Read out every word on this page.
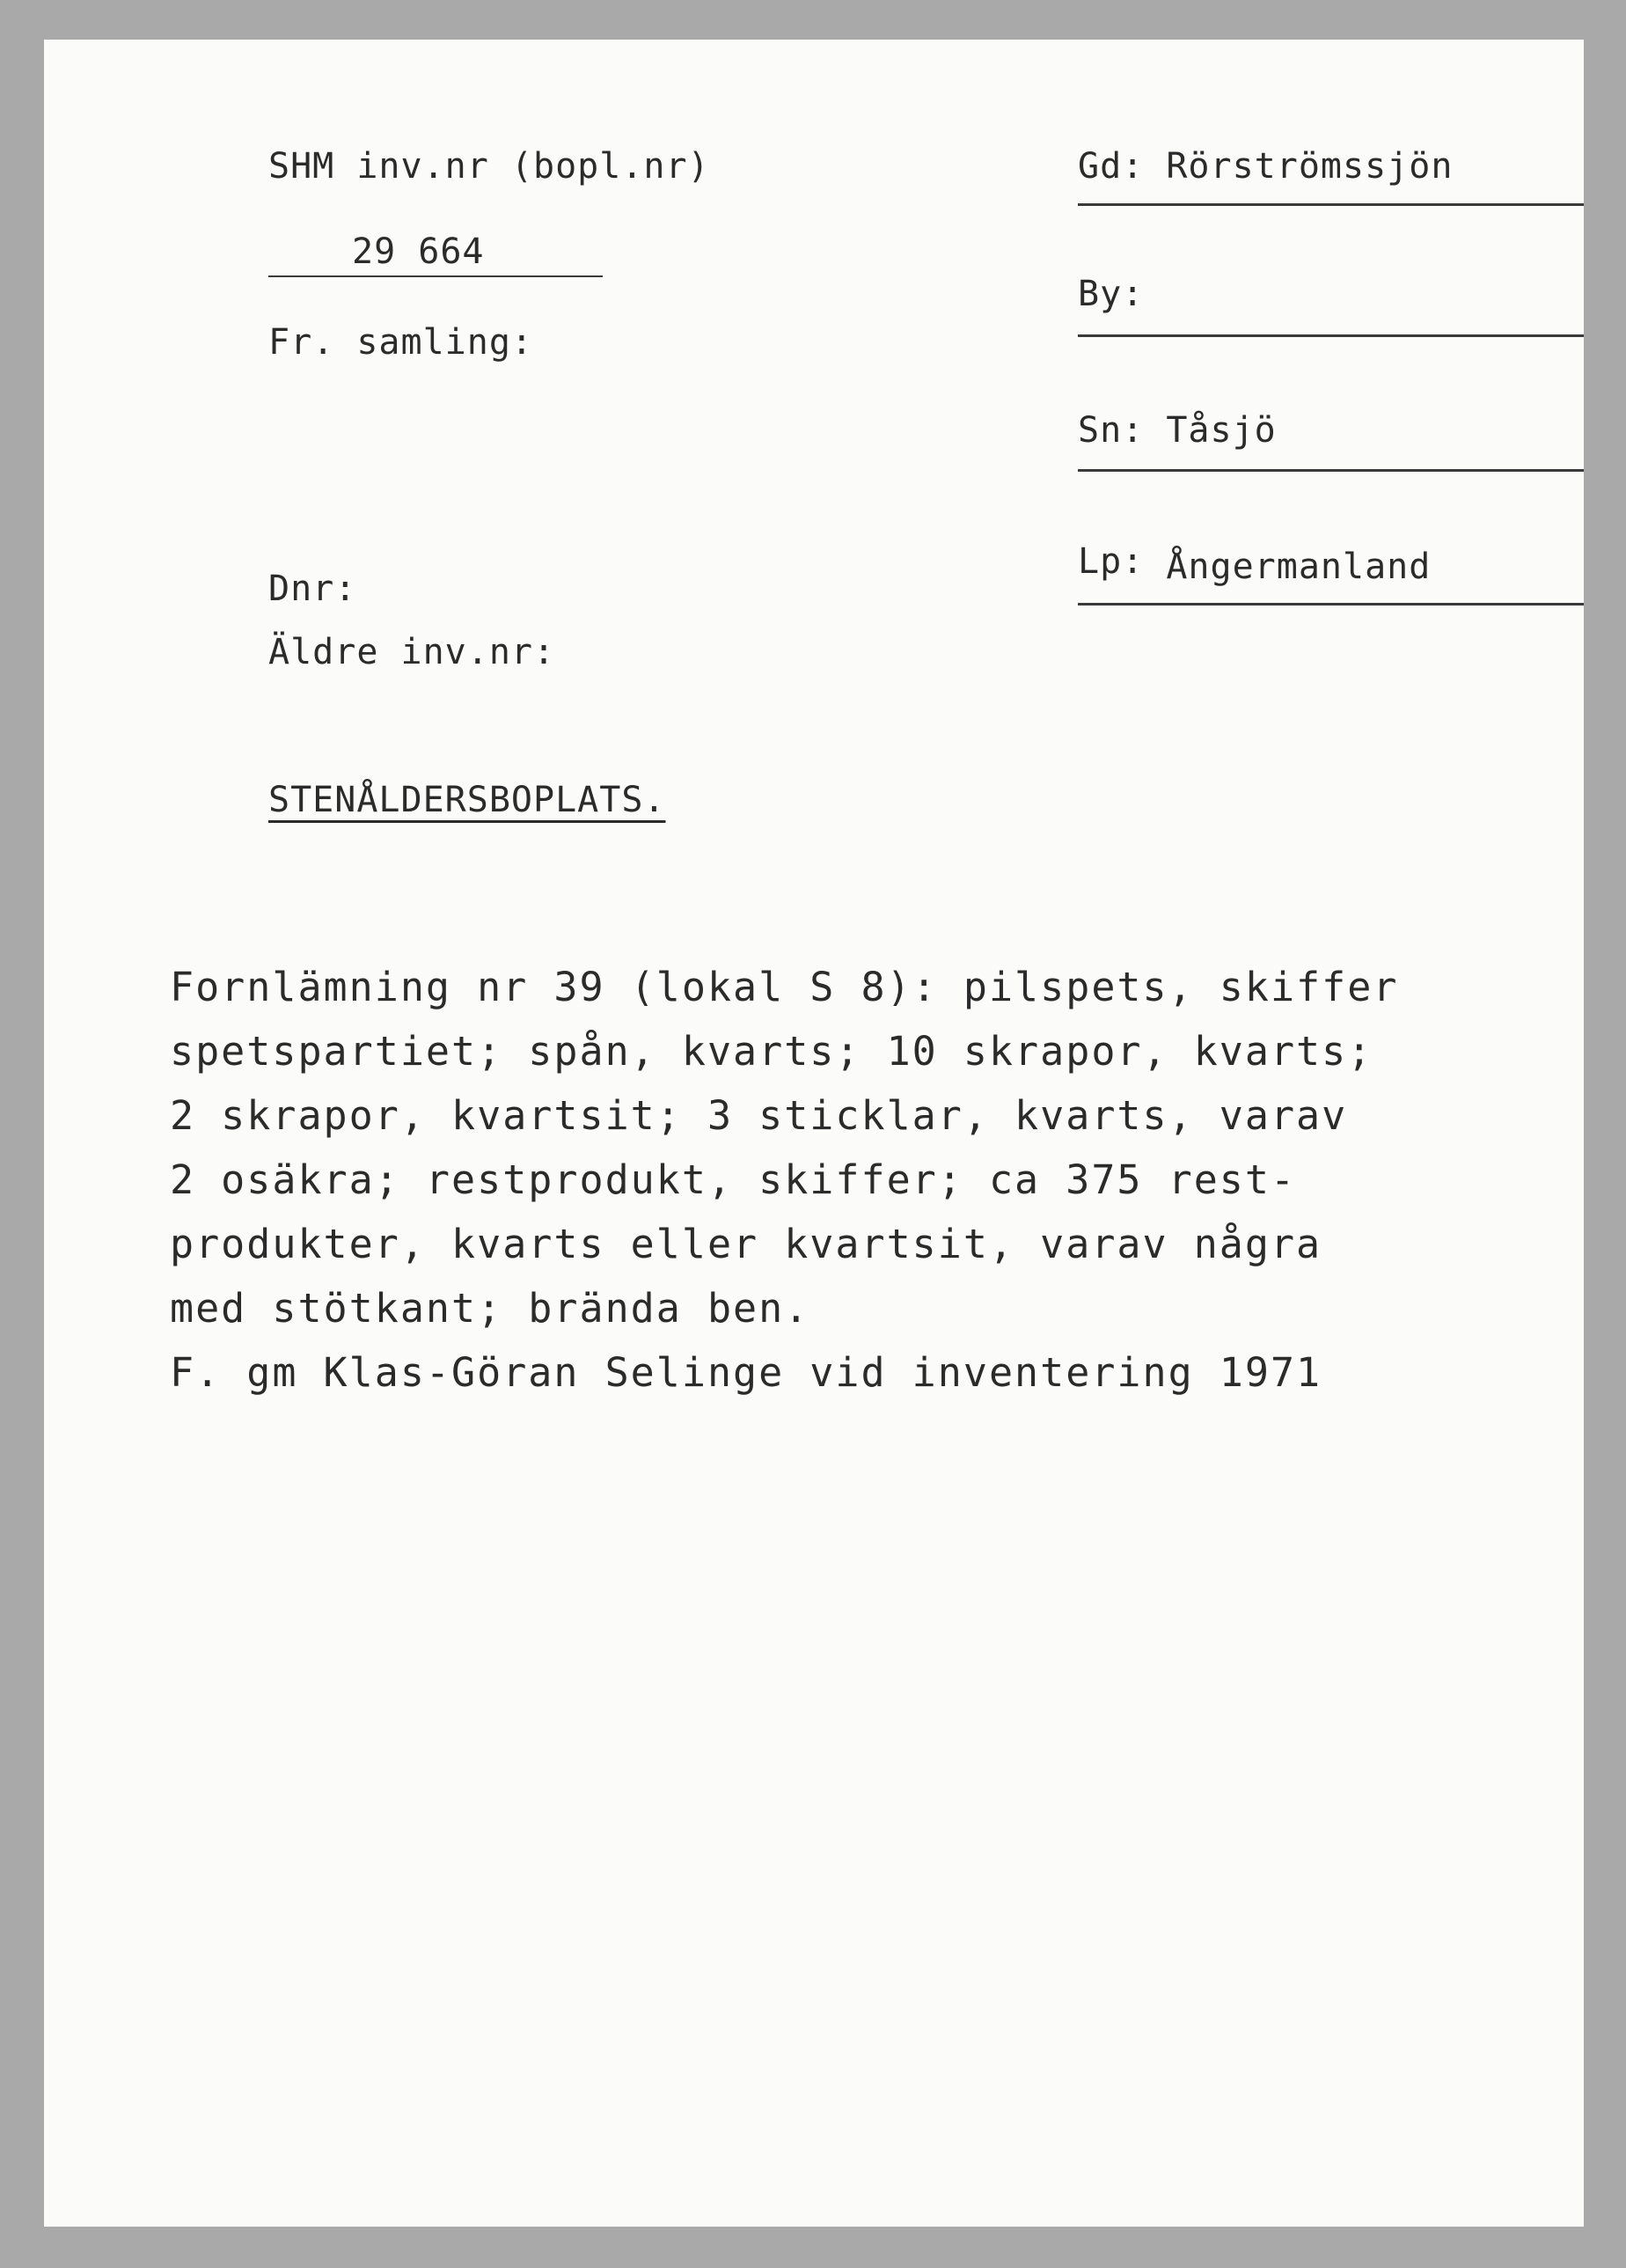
SHM inv.nr (bopl.nr)
29 664
Fr. samling:
Dnr:
Äldre inv.nr:
Gd: Rörströmssjön
By:
Sn: Tåsjö
Lp: Ångermanland
STENÅLDERSBOPLATS.
Fornlämning nr 39 (lokal S 8): pilspets, skiffer
spetspartiet; spån, kvarts; 10 skrapor, kvarts;
2 skrapor, kvartsit; 3 sticklar, kvarts, varav
2 osäkra; restprodukt, skiffer; ca 375 rest-
produkter, kvarts eller kvartsit, varav några
med stötkant; brända ben.
F. gm Klas-Göran Selinge vid inventering 1971
